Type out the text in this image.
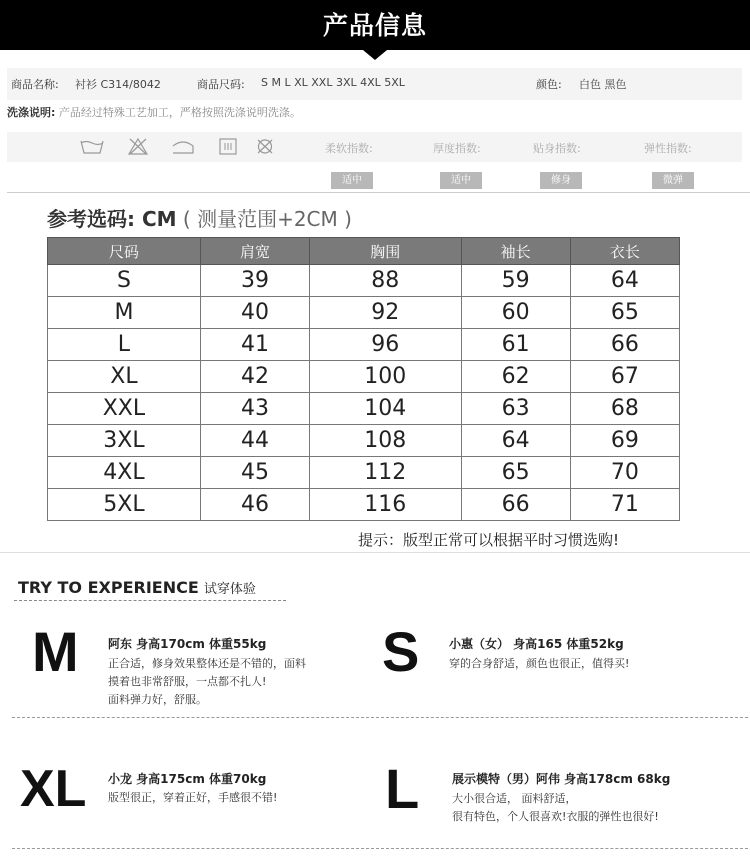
产品信息
商品名称: 衬衫 C314/8042	商品尺码: S M L XL XXL 3XL 4XL 5XL	颜色: 白色 黑色
洗涤说明: 产品经过特殊工艺加工，严格按照洗涤说明洗涤。
柔软指数:	厚度指数:	贴身指数:	弹性指数:
适中	适中	修身	微弹
参考选码: CM ( 测量范围+2CM )
尺码	肩宽	胸围	袖长	衣长
S	39	88	59	64
M	40	92	60	65
L	41	96	61	66
XL	42	100	62	67
XXL	43	104	63	68
3XL	44	108	64	69
4XL	45	112	65	70
5XL	46	116	66	71
提示：版型正常可以根据平时习惯选购!
TRY TO EXPERIENCE 试穿体验
M 阿东 身高170cm 体重55kg
正合适，修身效果整体还是不错的，面料
摸着也非常舒服，一点都不扎人!
面料弹力好，舒服。
S 小惠（女） 身高165 体重52kg
穿的合身舒适，颜色也很正，值得买!
XL 小龙 身高175cm 体重70kg
版型很正，穿着正好，手感很不错! L	展示模特（男）阿伟 身高178cm 68kg
大小很合适， 面料舒适，
很有特色，个人很喜欢!衣服的弹性也很好!
